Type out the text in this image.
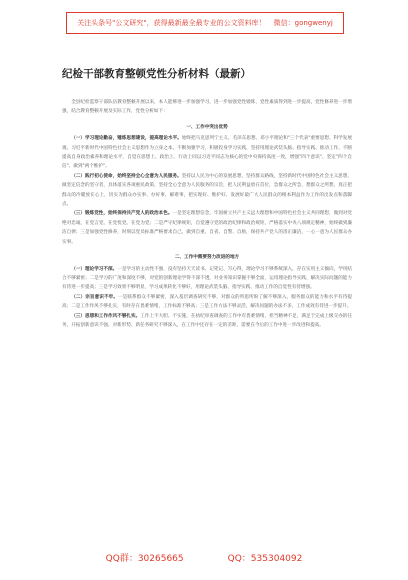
关注头条号"公文研究"，获得最新最全最专业的公文资料库！ 微信：gongwenyj
纪检干部教育整顿党性分析材料（最新）

全县纪检监察干部队伍教育整顿开展以来，本人能够进一步加强学习，进一步加强党性锻炼，党性素质得到进一步提高，党性修养进一步增强，结合教育整顿开展及实际工作，党性分析如下：

一、工作中突出优势

（一）学习理论勤奋，锤炼思想建设，提高理论水平。始终把马克思列宁主义、毛泽东思想、邓小平理论和"三个代表"重要思想、科学发展观、习近平新时代中国特色社会主义思想作为立身之本，不断加强学习，积极投身学习实践，坚持用理论武装头脑、指导实践、推动工作，不断提高自身政治素养和理论水平，自觉在思想上、政治上、行动上同以习近平同志为核心的党中央保持高度一致，增强"四个意识"、坚定"四个自信"、做到"两个维护"。

（二）践行初心使命，始终坚持全心全意为人民服务。坚持以人民为中心的发展思想，坚持群众路线，坚持新时代中国特色社会主义思想，做坚定信念的坚守者，具体落实各项惠民政策，坚持全心全意为人民服务的宗旨，把人民利益放在首位，急群众之所急，想群众之所想，真正把群众的冷暖放在心上，切实为群众办实事、办好事、解难事，把实现好、维护好、发展好最广大人民群众的根本利益作为工作的出发点和落脚点。

（三）锻炼党性，始终保持共产党人的政治本色。一是坚定理想信念，牢固树立共产主义远大理想和中国特色社会主义共同理想，做到对党绝对忠诚，在党言党、在党忧党、在党为党；二是严守纪律规矩，自觉遵守党的政治纪律和政治规矩，严格落实中央八项规定精神，始终做到廉洁自律；三是加强党性修养，时刻以党员标准严格要求自己，做到自重、自省、自警、自励，保持共产党人的清正廉洁，一心一意为人民群众办实事。

二、工作中需要努力改进的地方

（一）理论学习不深。一是学习的主动性不强，没有坚持天天读书、记笔记、写心得，理论学习不够系统深入，存在实用主义倾向，学用结合不够紧密；二是学习的广度和深度不够，对党的创新理论学得不深不透，对业务知识掌握不够全面，运用理论指导实践、解决实际问题的能力有待进一步提高；三是学习效果不够明显，学习成果转化不够好，用理论武装头脑、指导实践、推动工作的自觉性有待增强。

（二）宗旨意识不牢。一是联系群众不够紧密，深入基层调查研究不够，对群众的所思所盼了解不够深入，服务群众的能力和水平有待提高；二是工作作风不够扎实，有时存在畏难情绪，工作标准不够高；三是工作方法不够灵活，解决问题的办法不多，工作成效有待进一步提升。

（三）思想和工作作风不够扎实。工作上不大胆、不实施，在执纪审查调查的工作中有畏难情绪，担当精神不足，满足于完成上级交办的任务，开拓创新意识不强，对新形势、新任务研究不够深入，在工作中还存在一定的差距，需要在今后的工作中进一步改进和提高。

QQ群：30265665	QQ：535304092
